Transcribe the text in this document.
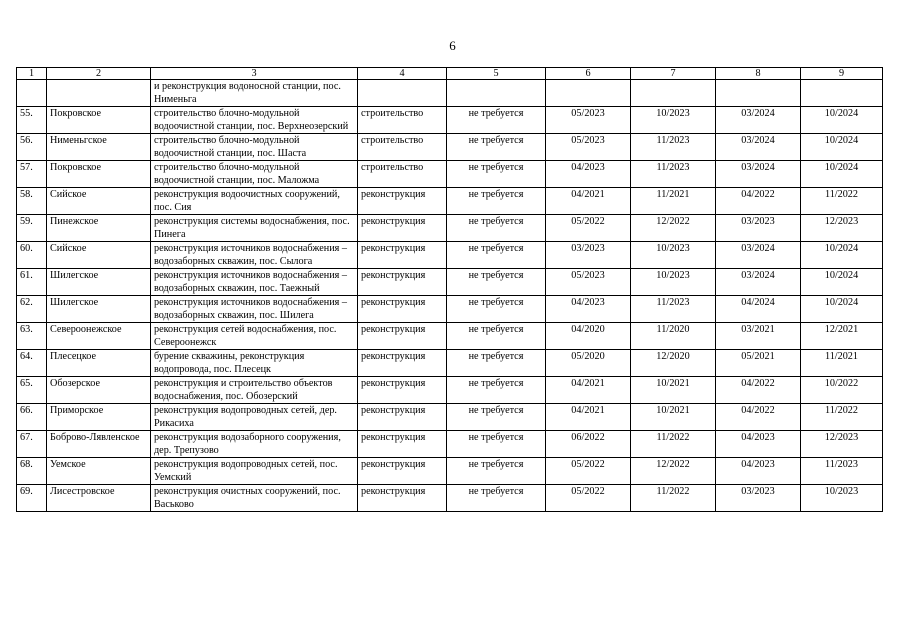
6
1	2	3	4	5	6	7	8	9
		и реконструкция водоносной станции, пос. Нименьга						
55.	Покровское	строительство блочно-модульной водоочистной станции, пос. Верхнеозерский	строительство	не требуется	05/2023	10/2023	03/2024	10/2024
56.	Нименьгское	строительство блочно-модульной водоочистной станции, пос. Шаста	строительство	не требуется	05/2023	11/2023	03/2024	10/2024
57.	Покровское	строительство блочно-модульной водоочистной станции, пос. Маложма	строительство	не требуется	04/2023	11/2023	03/2024	10/2024
58.	Сийское	реконструкция водоочистных сооружений, пос. Сия	реконструкция	не требуется	04/2021	11/2021	04/2022	11/2022
59.	Пинежское	реконструкция системы водоснабжения, пос. Пинега	реконструкция	не требуется	05/2022	12/2022	03/2023	12/2023
60.	Сийское	реконструкция источников водоснабжения – водозаборных скважин, пос. Сылога	реконструкция	не требуется	03/2023	10/2023	03/2024	10/2024
61.	Шилегское	реконструкция источников водоснабжения – водозаборных скважин, пос. Таежный	реконструкция	не требуется	05/2023	10/2023	03/2024	10/2024
62.	Шилегское	реконструкция источников водоснабжения – водозаборных скважин, пос. Шилега	реконструкция	не требуется	04/2023	11/2023	04/2024	10/2024
63.	Североонежское	реконструкция сетей водоснабжения, пос. Североонежск	реконструкция	не требуется	04/2020	11/2020	03/2021	12/2021
64.	Плесецкое	бурение скважины, реконструкция водопровода, пос. Плесецк	реконструкция	не требуется	05/2020	12/2020	05/2021	11/2021
65.	Обозерское	реконструкция и строительство объектов водоснабжения, пос. Обозерский	реконструкция	не требуется	04/2021	10/2021	04/2022	10/2022
66.	Приморское	реконструкция водопроводных сетей, дер. Рикасиха	реконструкция	не требуется	04/2021	10/2021	04/2022	11/2022
67.	Боброво-Лявленское	реконструкция водозаборного сооружения, дер. Трепузово	реконструкция	не требуется	06/2022	11/2022	04/2023	12/2023
68.	Уемское	реконструкция водопроводных сетей, пос. Уемский	реконструкция	не требуется	05/2022	12/2022	04/2023	11/2023
69.	Лисестровское	реконструкция очистных сооружений, пос. Васьково	реконструкция	не требуется	05/2022	11/2022	03/2023	10/2023
